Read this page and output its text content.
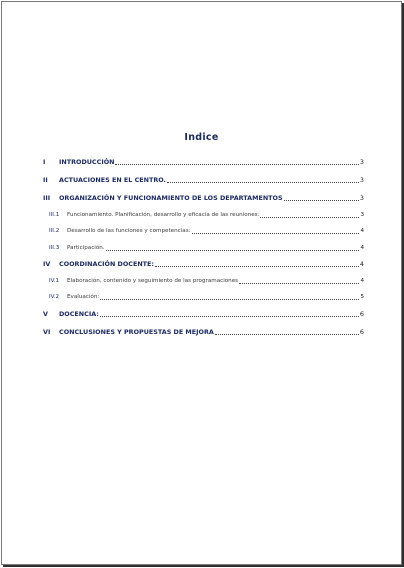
Indice
I	INTRODUCCIÓN	3
II	ACTUACIONES EN EL CENTRO.	3
III	ORGANIZACIÓN Y FUNCIONAMIENTO DE LOS DEPARTAMENTOS	3
III.1	Funcionamiento. Planificación, desarrollo y eficacia de las reuniones:	3
III.2	Desarrollo de las funciones y competencias:	4
III.3	Participación.	4
IV	COORDINACIÓN DOCENTE:	4
IV.1	Elaboración, contenido y seguimiento de las programaciones	4
IV.2	Evaluación:	5
V	DOCENCIA:	6
VI	CONCLUSIONES Y PROPUESTAS DE MEJORA	6
